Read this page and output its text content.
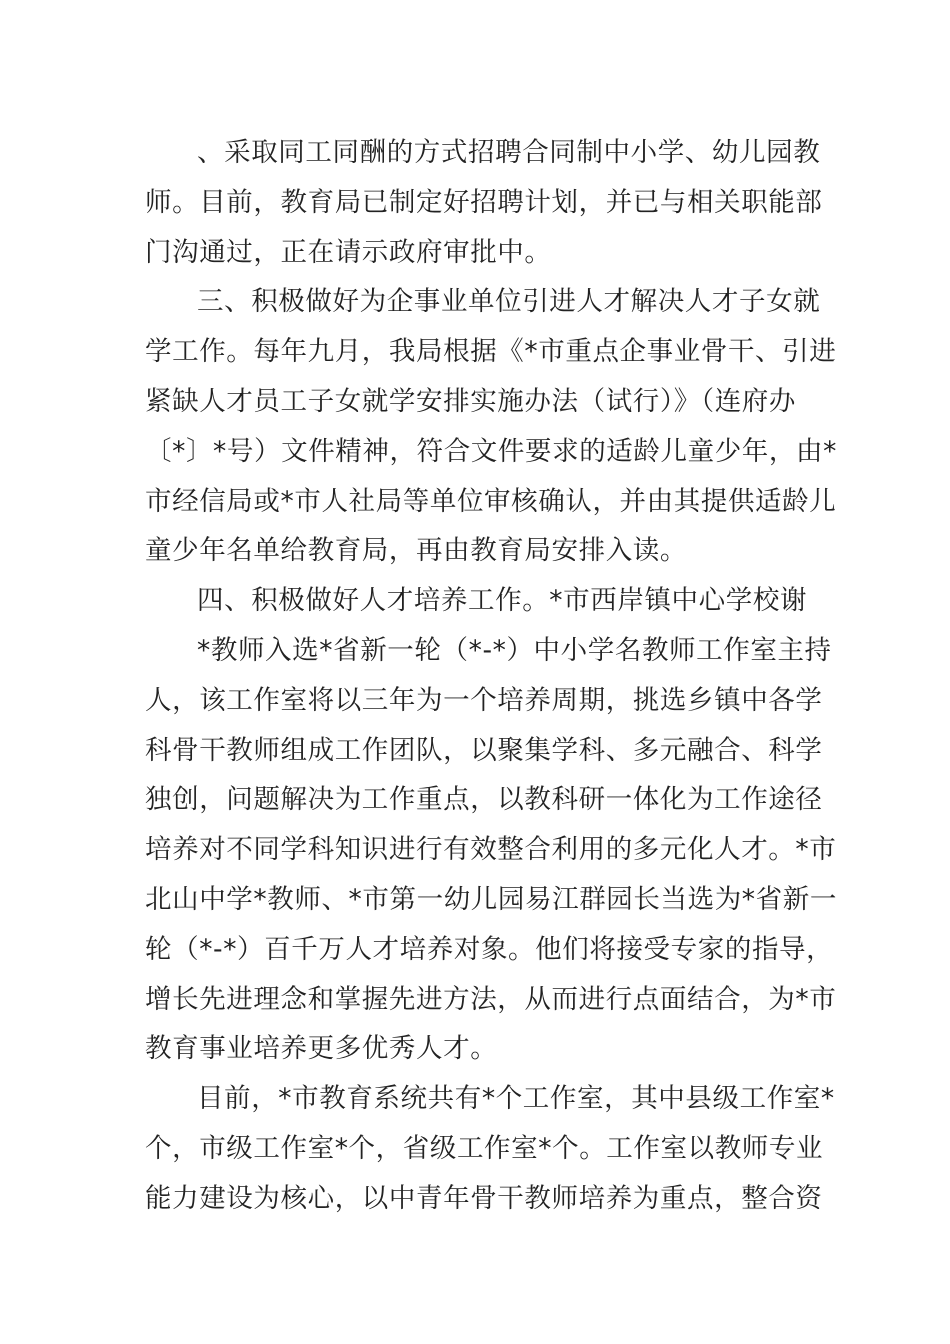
、采取同工同酬的方式招聘合同制中小学、幼儿园教
师。目前，教育局已制定好招聘计划，并已与相关职能部
门沟通过，正在请示政府审批中。
三、积极做好为企事业单位引进人才解决人才子女就
学工作。每年九月，我局根据《*市重点企事业骨干、引进
紧缺人才员工子女就学安排实施办法（试行）》（连府办
〔*〕*号）文件精神，符合文件要求的适龄儿童少年，由*
市经信局或*市人社局等单位审核确认，并由其提供适龄儿
童少年名单给教育局，再由教育局安排入读。
四、积极做好人才培养工作。*市西岸镇中心学校谢
*教师入选*省新一轮（*-*）中小学名教师工作室主持
人，该工作室将以三年为一个培养周期，挑选乡镇中各学
科骨干教师组成工作团队，以聚集学科、多元融合、科学
独创，问题解决为工作重点，以教科研一体化为工作途径
培养对不同学科知识进行有效整合利用的多元化人才。*市
北山中学*教师、*市第一幼儿园易江群园长当选为*省新一
轮（*-*）百千万人才培养对象。他们将接受专家的指导，
增长先进理念和掌握先进方法，从而进行点面结合，为*市
教育事业培养更多优秀人才。
目前，*市教育系统共有*个工作室，其中县级工作室*
个，市级工作室*个，省级工作室*个。工作室以教师专业
能力建设为核心，以中青年骨干教师培养为重点，整合资
